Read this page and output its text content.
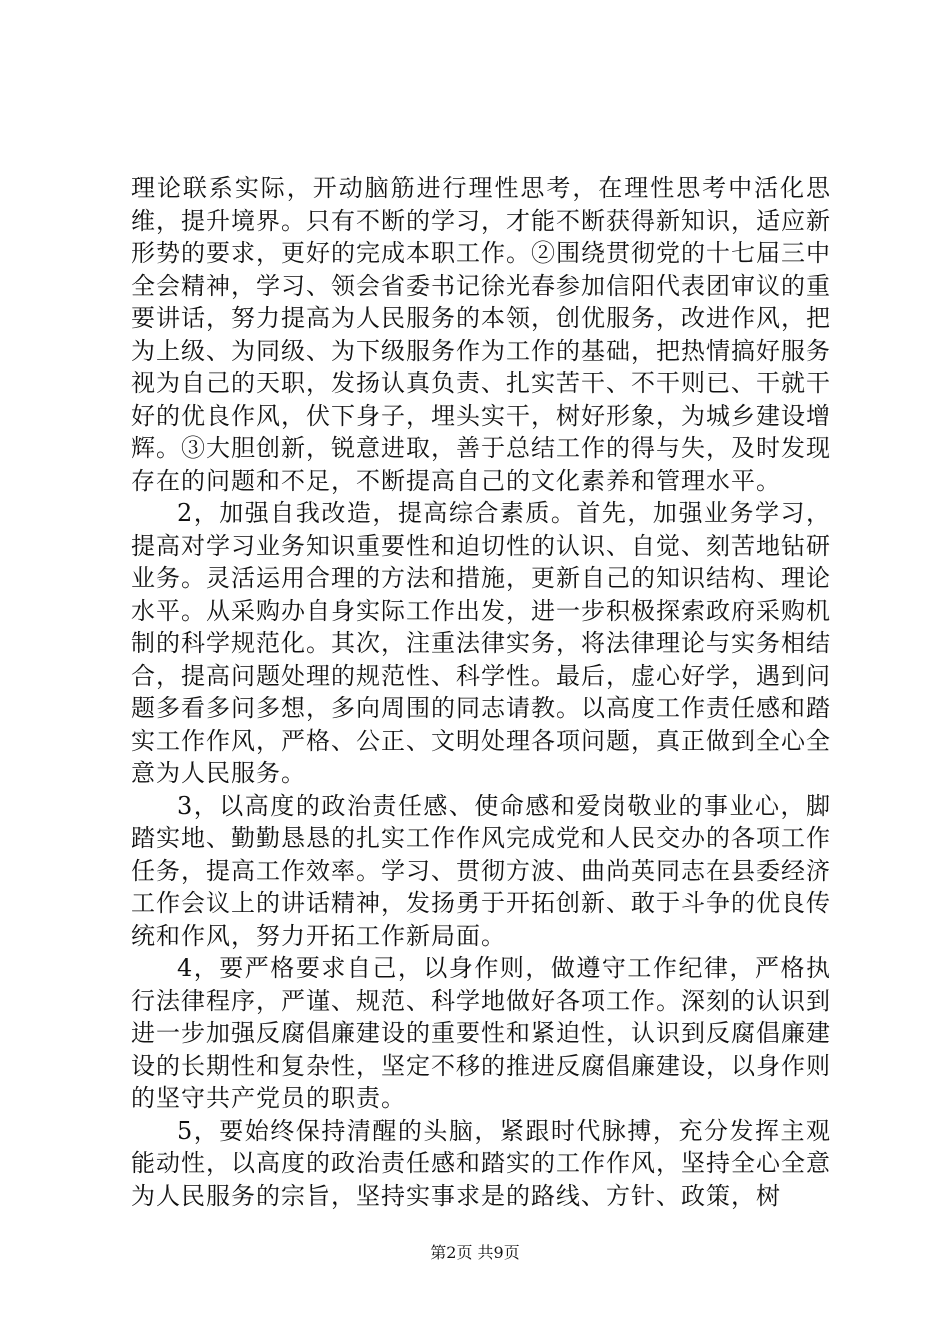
理论联系实际，开动脑筋进行理性思考，在理性思考中活化思维，提升境界。只有不断的学习，才能不断获得新知识，适应新形势的要求，更好的完成本职工作。②围绕贯彻党的十七届三中全会精神，学习、领会省委书记徐光春参加信阳代表团审议的重要讲话，努力提高为人民服务的本领，创优服务，改进作风，把为上级、为同级、为下级服务作为工作的基础，把热情搞好服务视为自己的天职，发扬认真负责、扎实苦干、不干则已、干就干好的优良作风，伏下身子，埋头实干，树好形象，为城乡建设增辉。③大胆创新，锐意进取，善于总结工作的得与失，及时发现存在的问题和不足，不断提高自己的文化素养和管理水平。

2，加强自我改造，提高综合素质。首先，加强业务学习，提高对学习业务知识重要性和迫切性的认识、自觉、刻苦地钻研业务。灵活运用合理的方法和措施，更新自己的知识结构、理论水平。从采购办自身实际工作出发，进一步积极探索政府采购机制的科学规范化。其次，注重法律实务，将法律理论与实务相结合，提高问题处理的规范性、科学性。最后，虚心好学，遇到问题多看多问多想，多向周围的同志请教。以高度工作责任感和踏实工作作风，严格、公正、文明处理各项问题，真正做到全心全意为人民服务。

3，以高度的政治责任感、使命感和爱岗敬业的事业心，脚踏实地、勤勤恳恳的扎实工作作风完成党和人民交办的各项工作任务，提高工作效率。学习、贯彻方波、曲尚英同志在县委经济工作会议上的讲话精神，发扬勇于开拓创新、敢于斗争的优良传统和作风，努力开拓工作新局面。

4，要严格要求自己，以身作则，做遵守工作纪律，严格执行法律程序，严谨、规范、科学地做好各项工作。深刻的认识到进一步加强反腐倡廉建设的重要性和紧迫性，认识到反腐倡廉建设的长期性和复杂性，坚定不移的推进反腐倡廉建设，以身作则的坚守共产党员的职责。

5，要始终保持清醒的头脑，紧跟时代脉搏，充分发挥主观能动性，以高度的政治责任感和踏实的工作作风，坚持全心全意为人民服务的宗旨，坚持实事求是的路线、方针、政策，树

第2页 共9页
